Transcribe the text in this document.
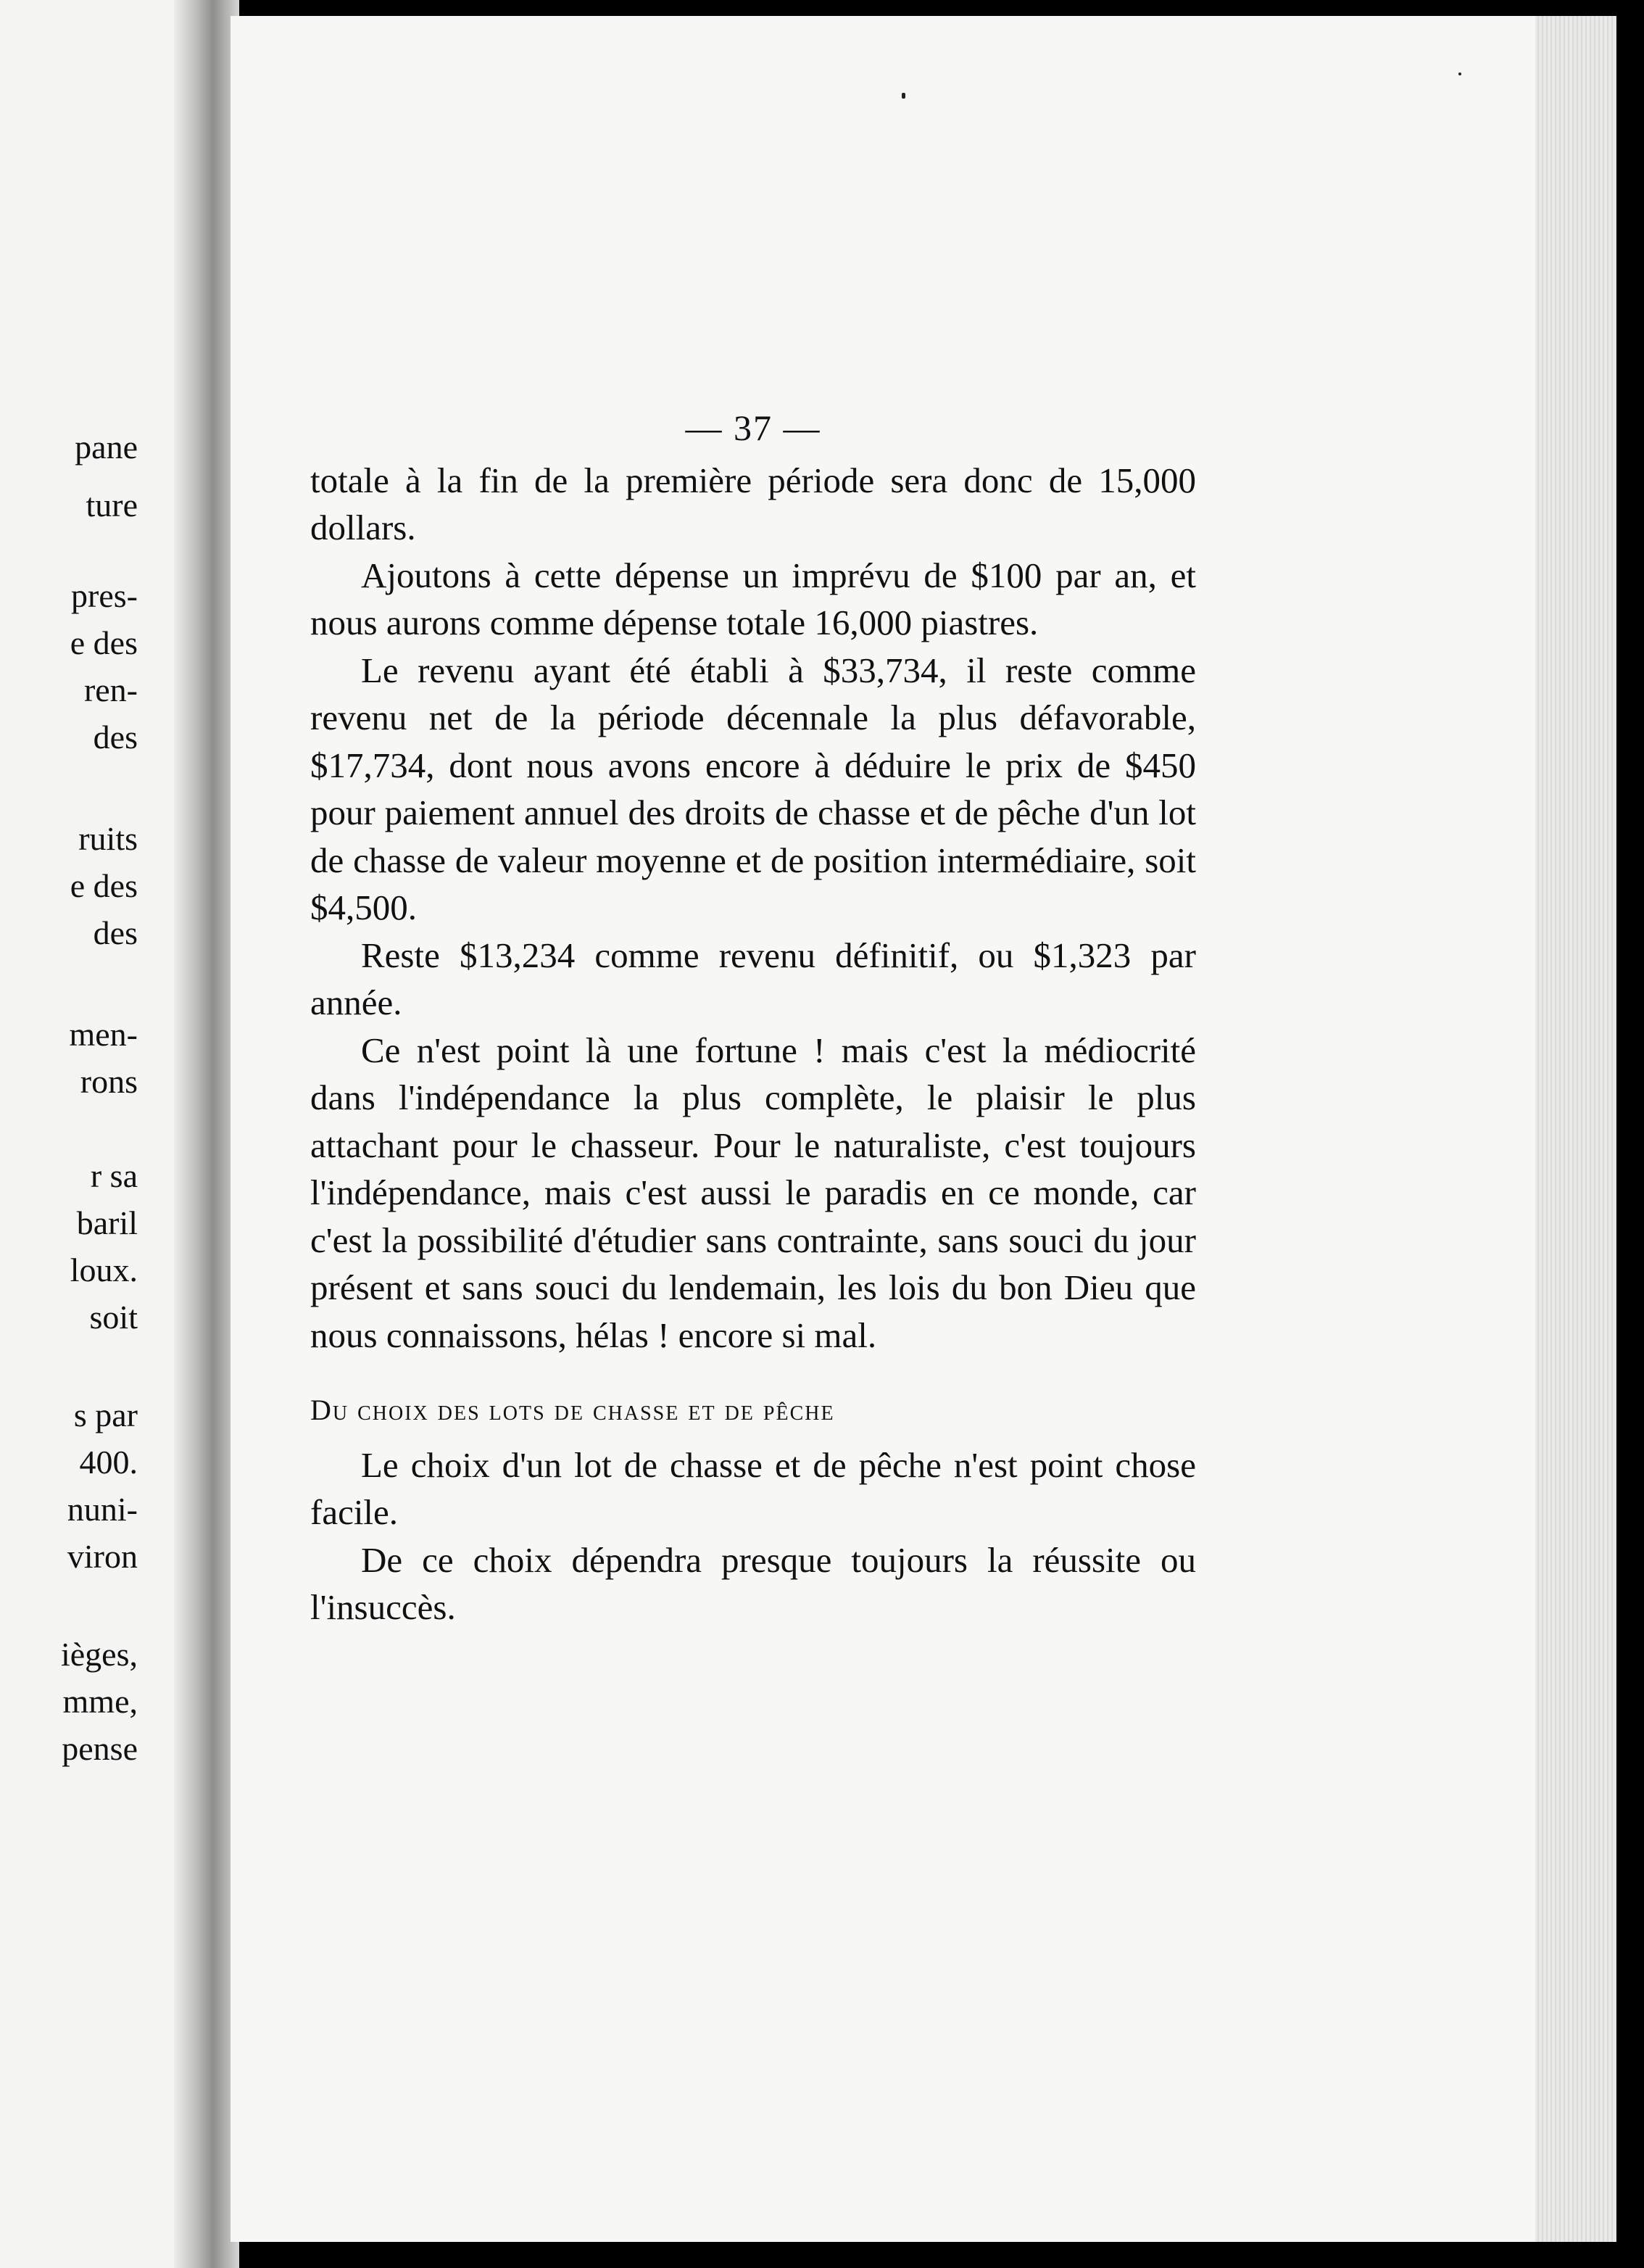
pane
ture
pres-
e des
ren-
des
ruits
e des
des
men-
rons
r sa
baril
loux.
soit
s par
400.
nuni-
viron
ièges,
mme,
pense
— 37 —

totale à la fin de la première période sera donc de 15,000 dollars.

Ajoutons à cette dépense un imprévu de $100 par an, et nous aurons comme dépense totale 16,000 piastres.

Le revenu ayant été établi à $33,734, il reste comme revenu net de la période décennale la plus défavorable, $17,734, dont nous avons encore à déduire le prix de $450 pour paiement annuel des droits de chasse et de pêche d'un lot de chasse de valeur moyenne et de position intermédiaire, soit $4,500.

Reste $13,234 comme revenu définitif, ou $1,323 par année.

Ce n'est point là une fortune ! mais c'est la médiocrité dans l'indépendance la plus complète, le plaisir le plus attachant pour le chasseur. Pour le naturaliste, c'est toujours l'indépendance, mais c'est aussi le paradis en ce monde, car c'est la possibilité d'étudier sans contrainte, sans souci du jour présent et sans souci du lendemain, les lois du bon Dieu que nous connaissons, hélas ! encore si mal.

Du choix des lots de chasse et de pêche

Le choix d'un lot de chasse et de pêche n'est point chose facile.

De ce choix dépendra presque toujours la réussite ou l'insuccès.
